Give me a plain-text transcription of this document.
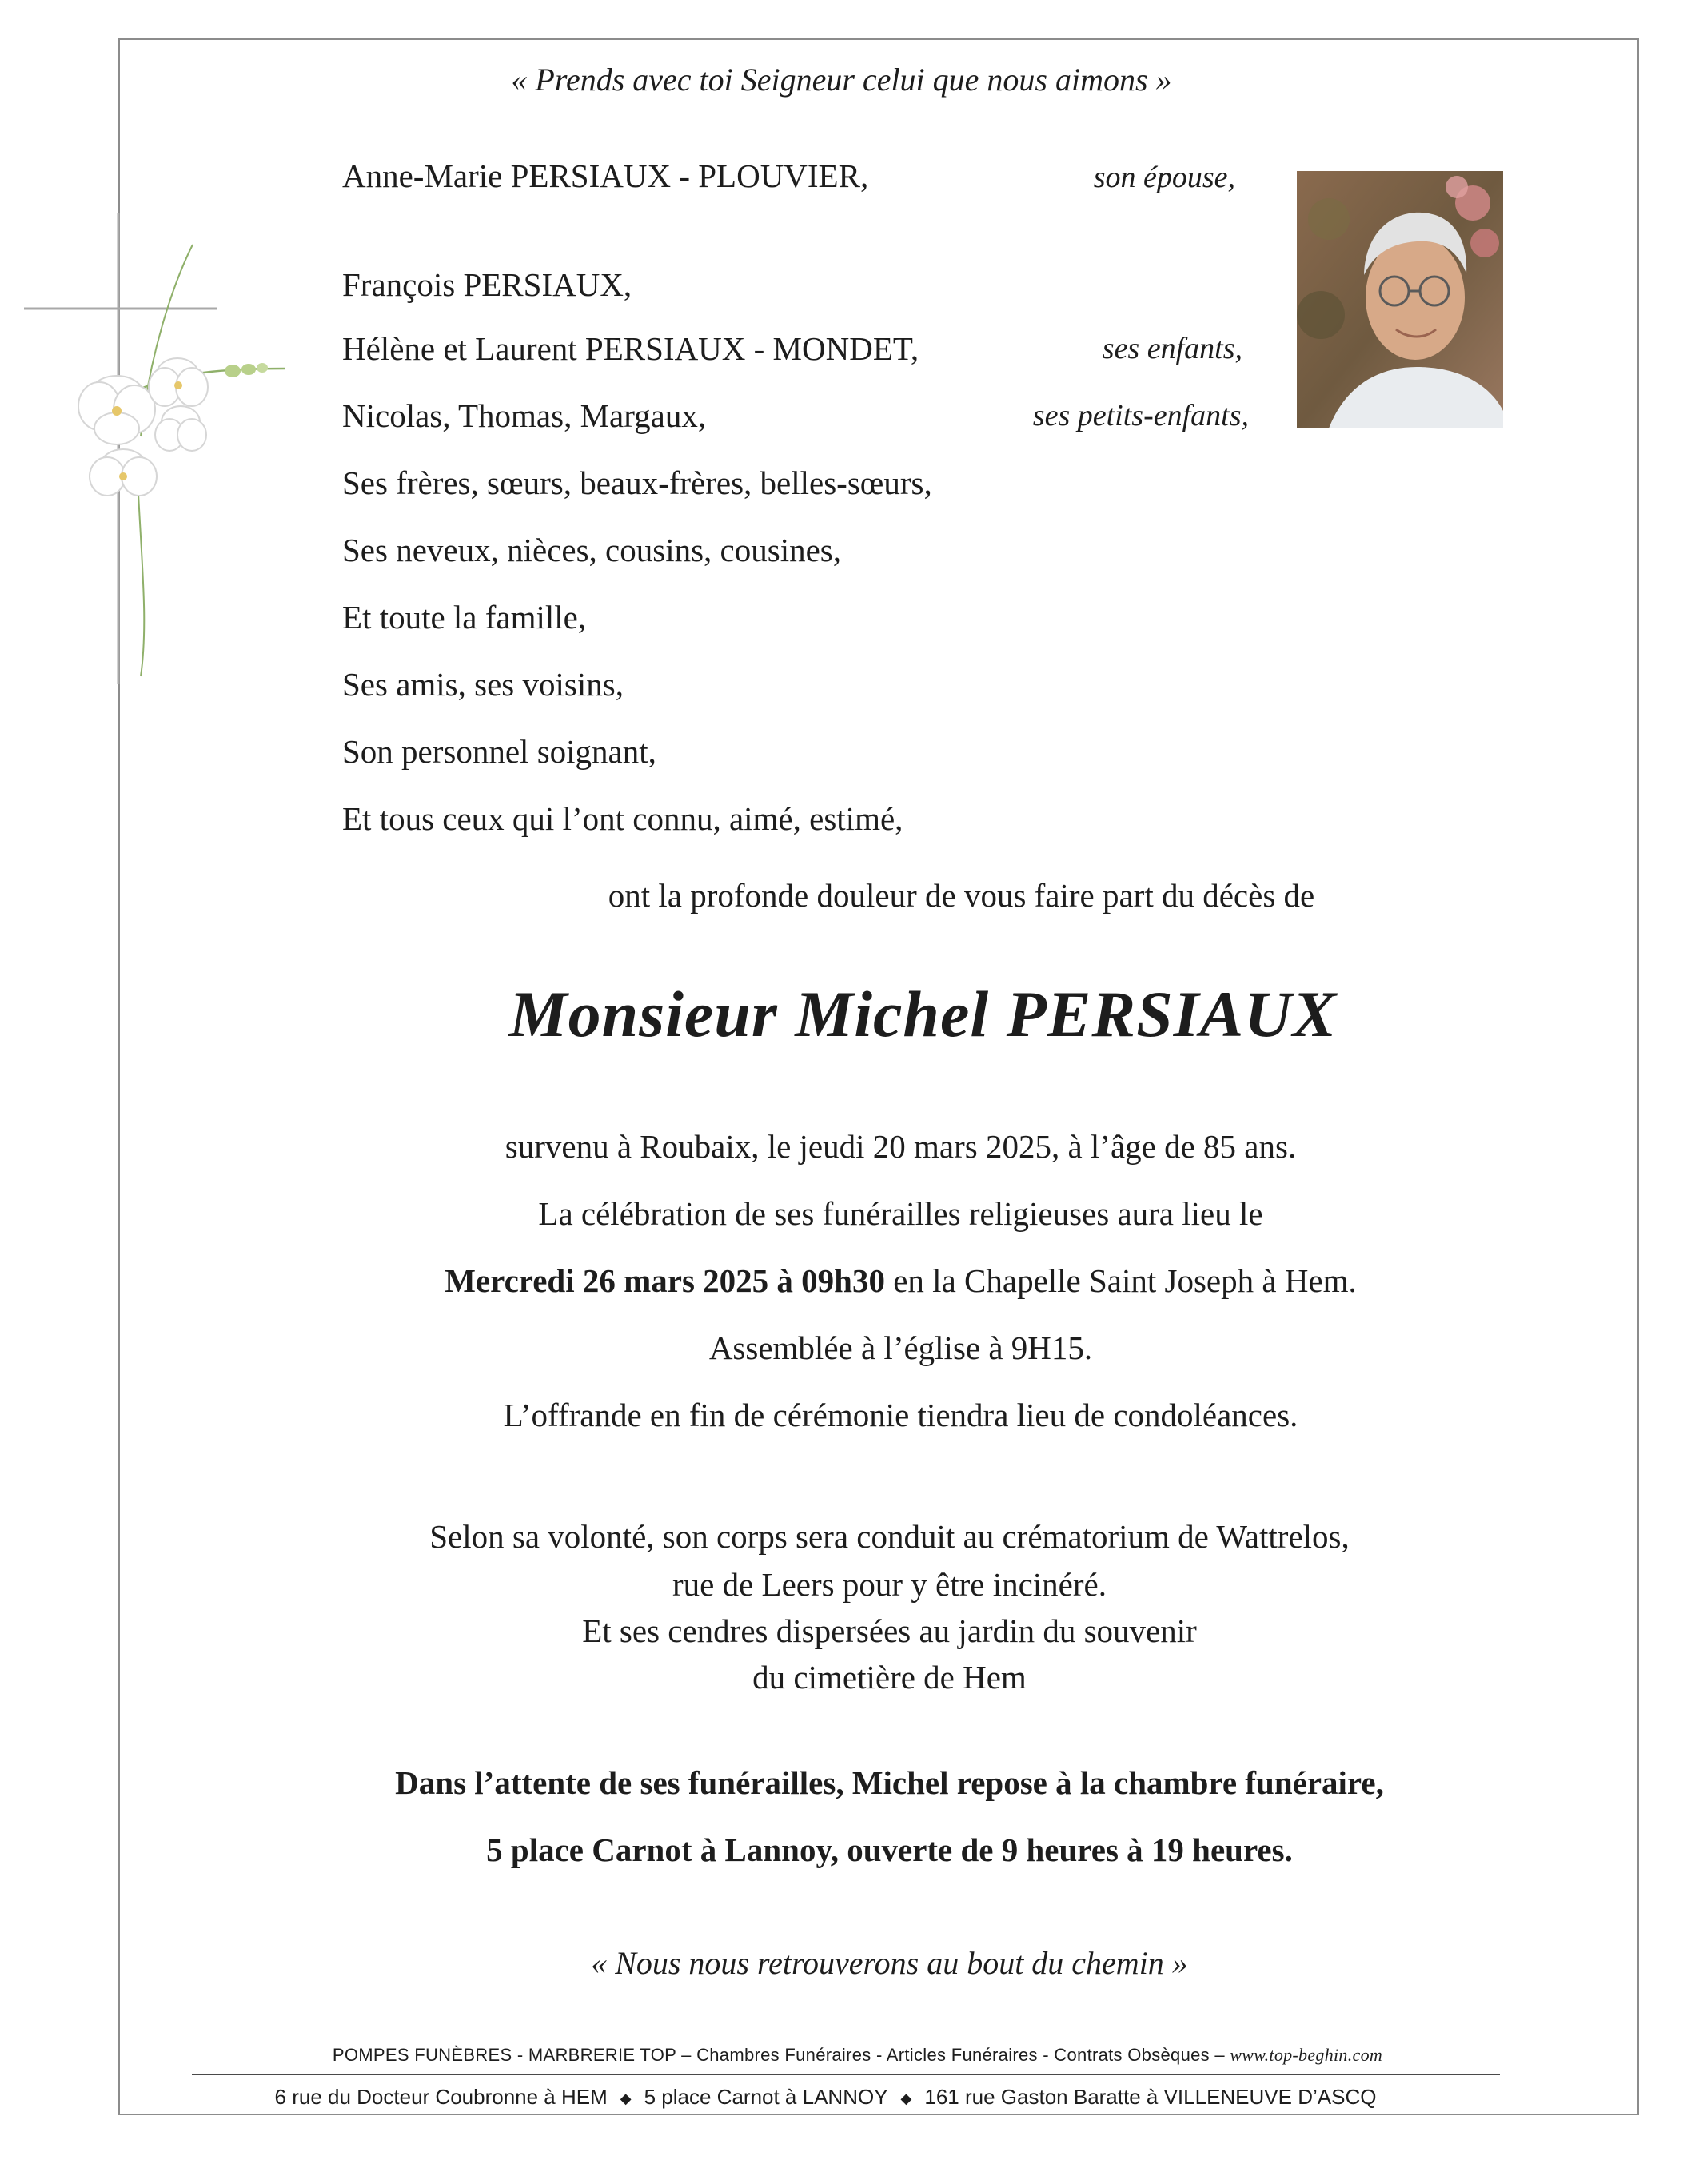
« Prends avec toi Seigneur celui que nous aimons »
Anne-Marie PERSIAUX - PLOUVIER,	son épouse,
François PERSIAUX,
Hélène et Laurent PERSIAUX - MONDET,	ses enfants,
Nicolas, Thomas, Margaux,	ses petits-enfants,
Ses frères, sœurs, beaux-frères, belles-sœurs,
Ses neveux, nièces, cousins, cousines,
Et toute la famille,
Ses amis, ses voisins,
Son personnel soignant,
Et tous ceux qui l’ont connu, aimé, estimé,
ont la profonde douleur de vous faire part du décès de
Monsieur Michel PERSIAUX
survenu à Roubaix, le jeudi 20 mars 2025, à l’âge de 85 ans.
La célébration de ses funérailles religieuses aura lieu le
Mercredi 26 mars 2025 à 09h30 en la Chapelle Saint Joseph à Hem.
Assemblée à l’église à 9H15.
L’offrande en fin de cérémonie tiendra lieu de condoléances.
Selon sa volonté, son corps sera conduit au crématorium de Wattrelos,
rue de Leers pour y être incinéré.
Et ses cendres dispersées au jardin du souvenir
du cimetière de Hem
Dans l’attente de ses funérailles, Michel repose à la chambre funéraire,
5 place Carnot à Lannoy, ouverte de 9 heures à 19 heures.
« Nous nous retrouverons au bout du chemin »
POMPES FUNÈBRES - MARBRERIE TOP – Chambres Funéraires - Articles Funéraires - Contrats Obsèques – www.top-beghin.com
6 rue du Docteur Coubronne à HEM ◆ 5 place Carnot à LANNOY ◆ 161 rue Gaston Baratte à VILLENEUVE D’ASCQ
